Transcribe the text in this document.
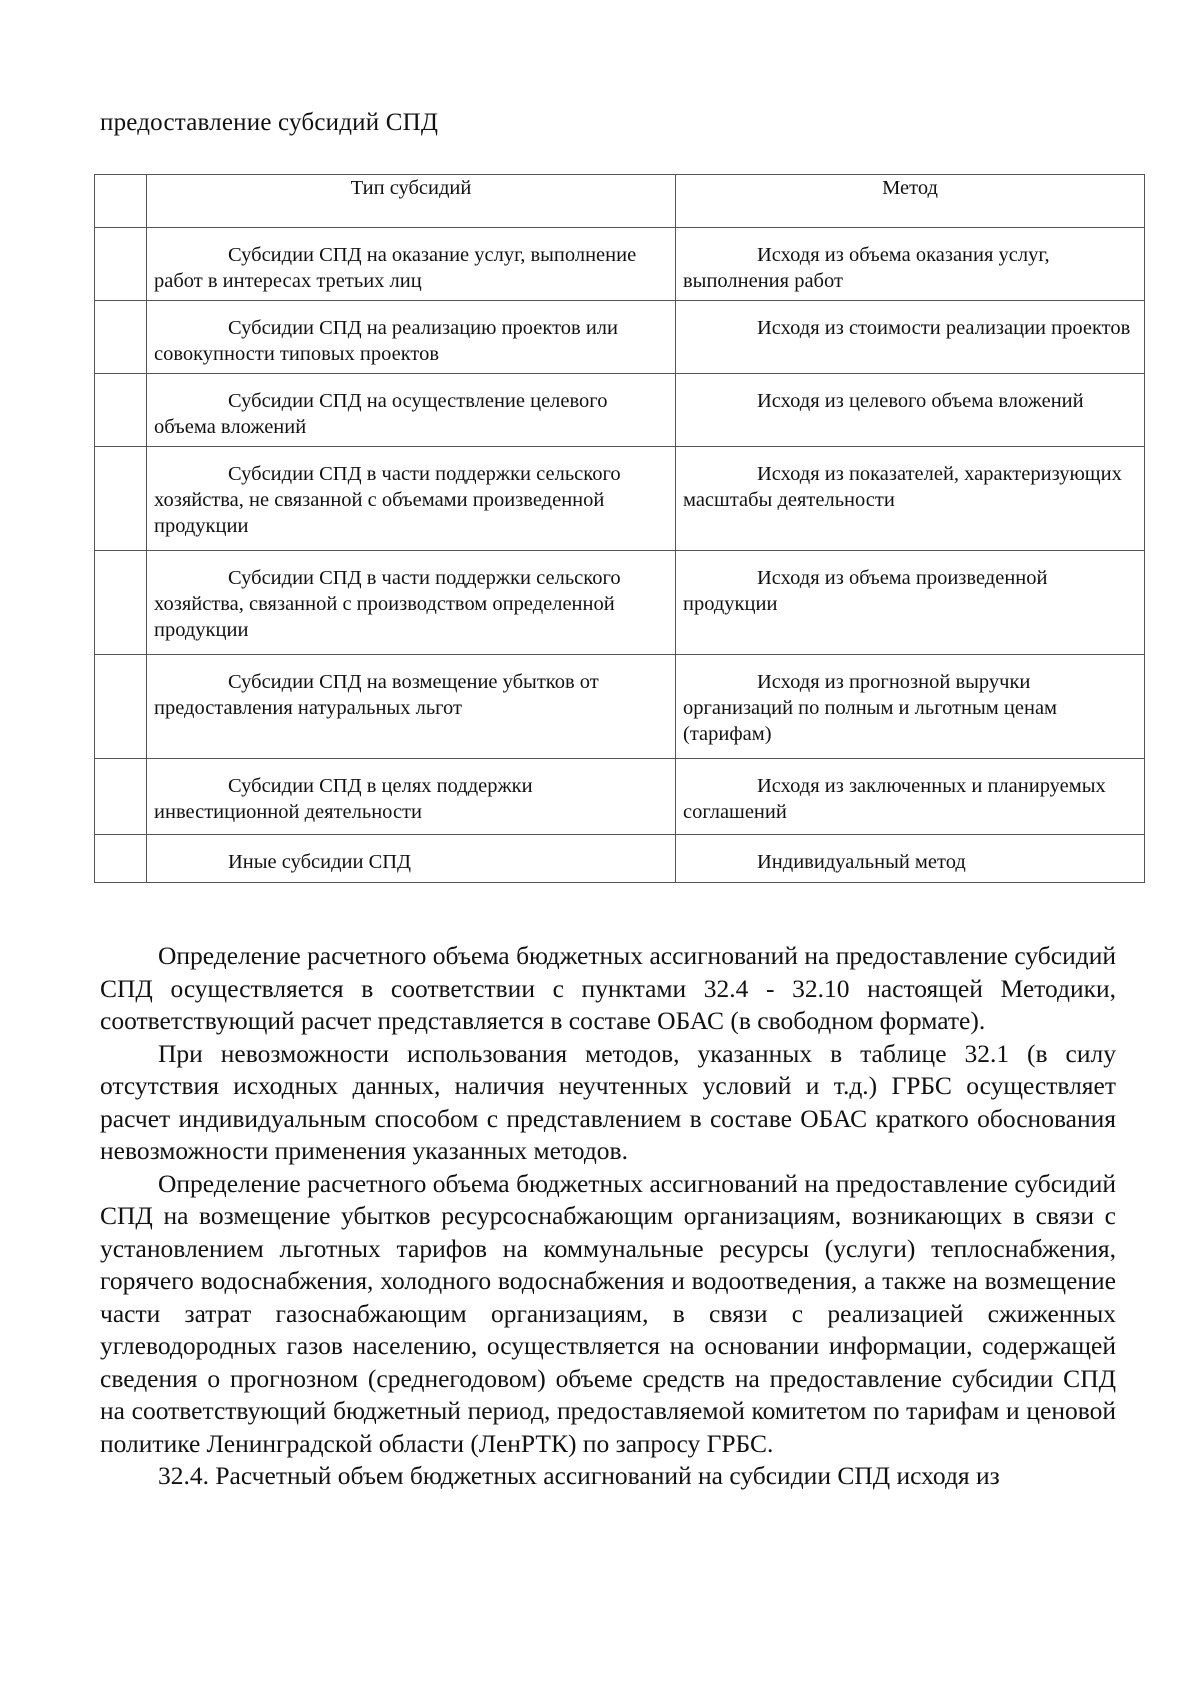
предоставление субсидий СПД
	Тип субсидий	Метод

	Субсидии СПД на оказание услуг, выполнение работ в интересах третьих лиц	Исходя из объема оказания услуг, выполнения работ

	Субсидии СПД на реализацию проектов или совокупности типовых проектов	Исходя из стоимости реализации проектов

	Субсидии СПД на осуществление целевого объема вложений	Исходя из целевого объема вложений

	Субсидии СПД в части поддержки сельского хозяйства, не связанной с объемами произведенной продукции	Исходя из показателей, характеризующих масштабы деятельности

	Субсидии СПД в части поддержки сельского хозяйства, связанной с производством определенной продукции	Исходя из объема произведенной продукции

	Субсидии СПД на возмещение убытков от предоставления натуральных льгот	Исходя из прогнозной выручки организаций по полным и льготным ценам (тарифам)

	Субсидии СПД в целях поддержки инвестиционной деятельности	Исходя из заключенных и планируемых соглашений

	Иные субсидии СПД	Индивидуальный метод

Определение расчетного объема бюджетных ассигнований на предоставление субсидий СПД осуществляется в соответствии с пунктами 32.4 - 32.10 настоящей Методики, соответствующий расчет представляется в составе ОБАС (в свободном формате).

При невозможности использования методов, указанных в таблице 32.1 (в силу отсутствия исходных данных, наличия неучтенных условий и т.д.) ГРБС осуществляет расчет индивидуальным способом с представлением в составе ОБАС краткого обоснования невозможности применения указанных методов.

Определение расчетного объема бюджетных ассигнований на предоставление субсидий СПД на возмещение убытков ресурсоснабжающим организациям, возникающих в связи с установлением льготных тарифов на коммунальные ресурсы (услуги) теплоснабжения, горячего водоснабжения, холодного водоснабжения и водоотведения, а также на возмещение части затрат газоснабжающим организациям, в связи с реализацией сжиженных углеводородных газов населению, осуществляется на основании информации, содержащей сведения о прогнозном (среднегодовом) объеме средств на предоставление субсидии СПД на соответствующий бюджетный период, предоставляемой комитетом по тарифам и ценовой политике Ленинградской области (ЛенРТК) по запросу ГРБС.

32.4. Расчетный объем бюджетных ассигнований на субсидии СПД исходя из
